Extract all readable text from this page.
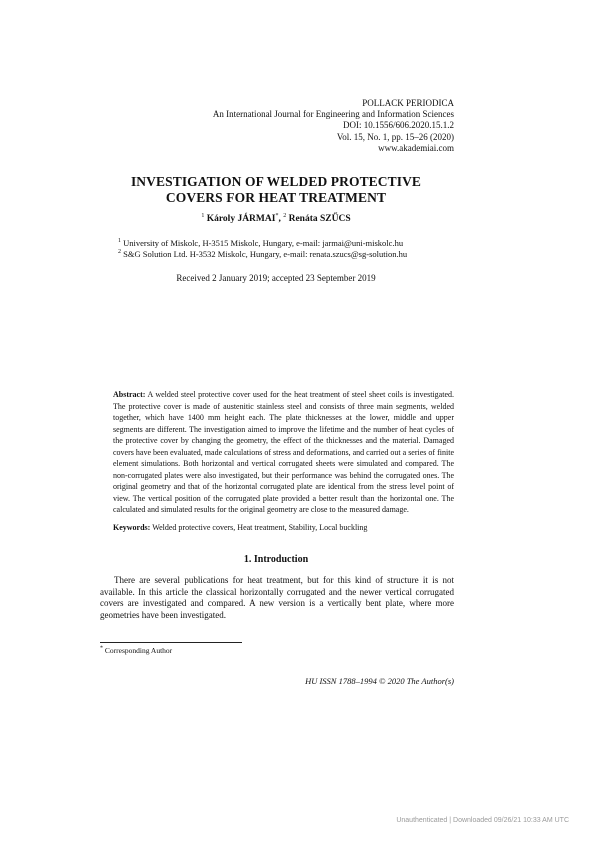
POLLACK PERIODICA
An International Journal for Engineering and Information Sciences
DOI: 10.1556/606.2020.15.1.2
Vol. 15, No. 1, pp. 15–26 (2020)
www.akademiai.com
INVESTIGATION OF WELDED PROTECTIVE
COVERS FOR HEAT TREATMENT
$^1$ Károly JÁRMAI*, $^2$ Renáta SZŰCS
$^1$ University of Miskolc, H-3515 Miskolc, Hungary, e-mail: jarmai@uni-miskolc.hu
$^2$ S&G Solution Ltd. H-3532 Miskolc, Hungary, e-mail: renata.szucs@sg-solution.hu
Received 2 January 2019; accepted 23 September 2019
Abstract: A welded steel protective cover used for the heat treatment of steel sheet coils is investigated. The protective cover is made of austenitic stainless steel and consists of three main segments, welded together, which have 1400 mm height each. The plate thicknesses at the lower, middle and upper segments are different. The investigation aimed to improve the lifetime and the number of heat cycles of the protective cover by changing the geometry, the effect of the thicknesses and the material. Damaged covers have been evaluated, made calculations of stress and deformations, and carried out a series of finite element simulations. Both horizontal and vertical corrugated sheets were simulated and compared. The non-corrugated plates were also investigated, but their performance was behind the corrugated ones. The original geometry and that of the horizontal corrugated plate are identical from the stress level point of view. The vertical position of the corrugated plate provided a better result than the horizontal one. The calculated and simulated results for the original geometry are close to the measured damage.
Keywords: Welded protective covers, Heat treatment, Stability, Local buckling
1. Introduction
There are several publications for heat treatment, but for this kind of structure it is not available. In this article the classical horizontally corrugated and the newer vertical corrugated covers are investigated and compared. A new version is a vertically bent plate, where more geometries have been investigated.
* Corresponding Author
HU ISSN 1788–1994 © 2020 The Author(s)
Unauthenticated | Downloaded 09/26/21 10:33 AM UTC
